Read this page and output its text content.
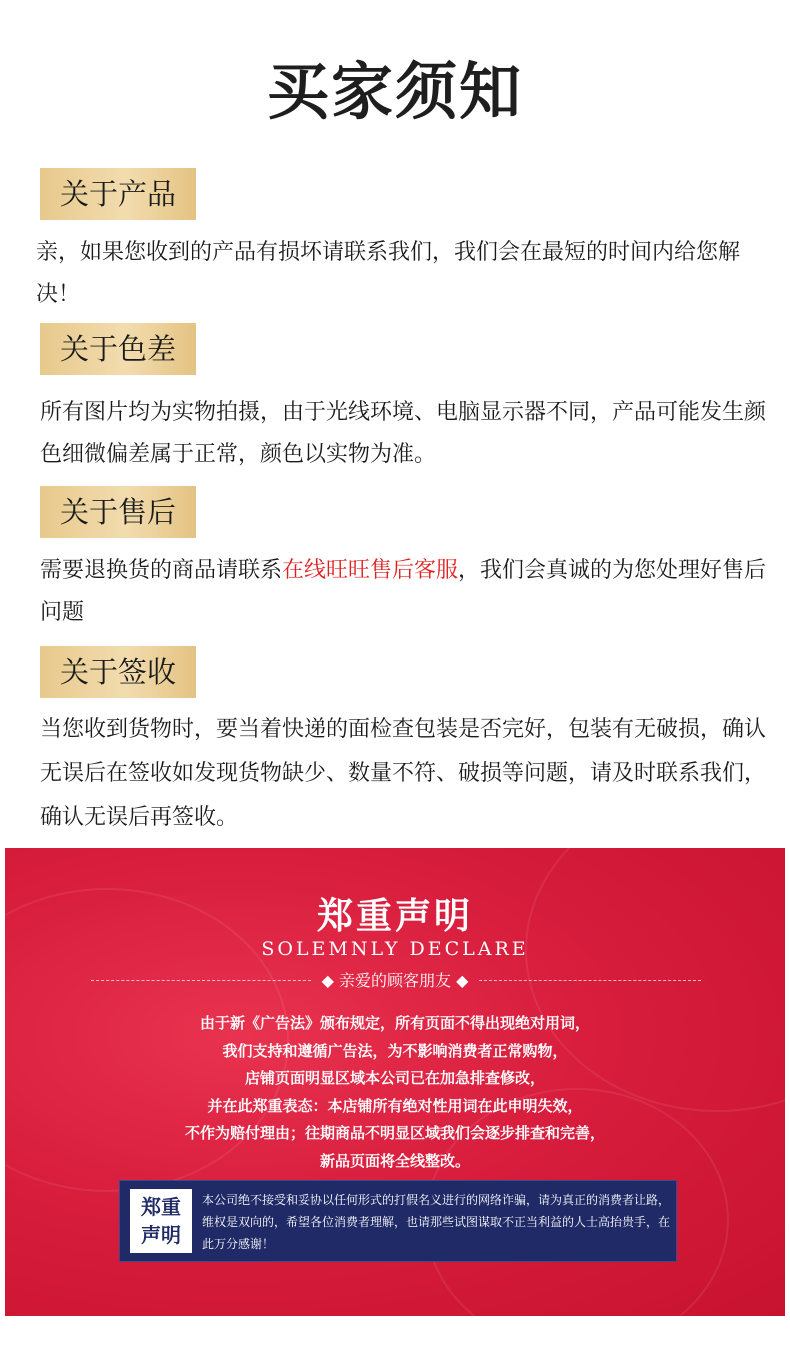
买家须知
关于产品
亲，如果您收到的产品有损坏请联系我们，我们会在最短的时间内给您解决！
关于色差
所有图片均为实物拍摄，由于光线环境、电脑显示器不同，产品可能发生颜色细微偏差属于正常，颜色以实物为准。
关于售后
需要退换货的商品请联系在线旺旺售后客服，我们会真诚的为您处理好售后问题
关于签收
当您收到货物时，要当着快递的面检查包装是否完好，包装有无破损，确认无误后在签收如发现货物缺少、数量不符、破损等问题，请及时联系我们，确认无误后再签收。
郑重声明
SOLEMNLY DECLARE
◆ 亲爱的顾客朋友 ◆
由于新《广告法》颁布规定，所有页面不得出现绝对用词，
我们支持和遵循广告法，为不影响消费者正常购物，
店铺页面明显区域本公司已在加急排查修改，
并在此郑重表态：本店铺所有绝对性用词在此申明失效，
不作为赔付理由；往期商品不明显区域我们会逐步排查和完善，
新品页面将全线整改。
郑重
声明
本公司绝不接受和妥协以任何形式的打假名义进行的网络诈骗，请为真正的消费者让路，维权是双向的，希望各位消费者理解，也请那些试图谋取不正当利益的人士高抬贵手，在此万分感谢！
